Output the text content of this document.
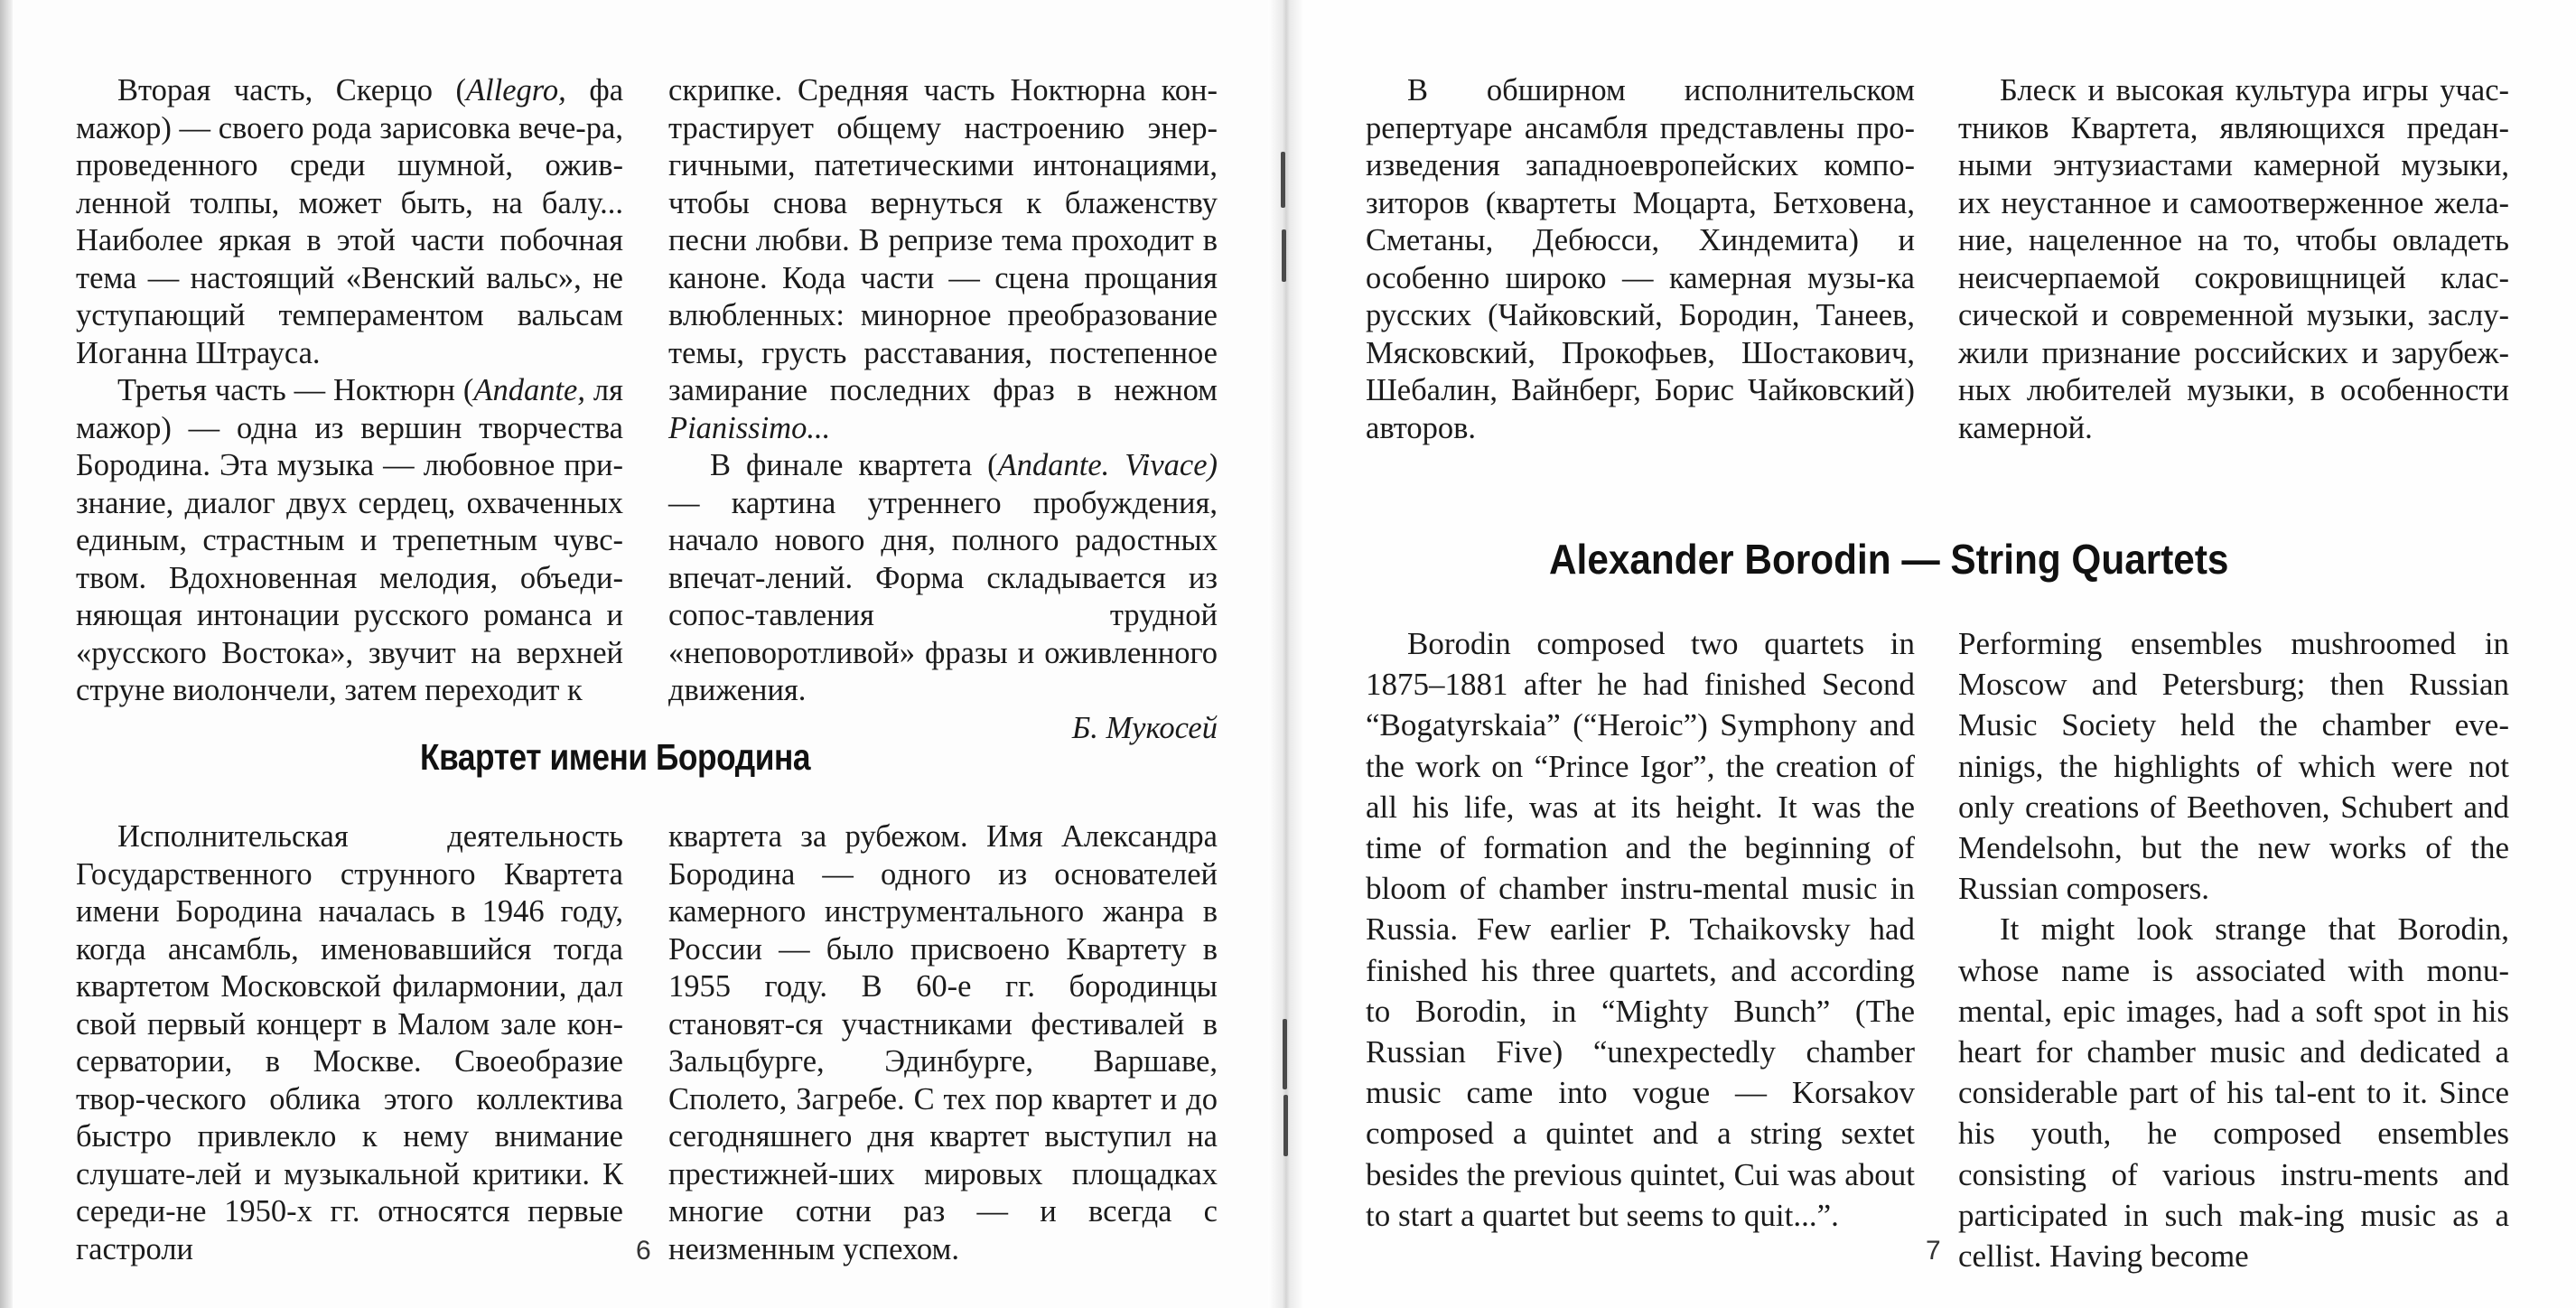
Вторая часть, Скерцо (Allegro, фа мажор) — своего рода зарисовка вече-ра, проведенного среди шумной, ожив-ленной толпы, может быть, на балу... Наиболее яркая в этой части побочная тема — настоящий «Венский вальс», не уступающий темпераментом вальсам Иоганна Штрауса.

Третья часть — Ноктюрн (Andante, ля мажор) — одна из вершин творчества Бородина. Эта музыка — любовное при-знание, диалог двух сердец, охваченных единым, страстным и трепетным чувс-твом. Вдохновенная мелодия, объеди-няющая интонации русского романса и «русского Востока», звучит на верхней струне виолончели, затем переходит к

скрипке. Средняя часть Ноктюрна кон-трастирует общему настроению энер-гичными, патетическими интонациями, чтобы снова вернуться к блаженству песни любви. В репризе тема проходит в каноне. Кода части — сцена прощания влюбленных: минорное преобразование темы, грусть расставания, постепенное замирание последних фраз в нежном Pianissimo...

В финале квартета (Andante. Vivace) — картина утреннего пробуждения, начало нового дня, полного радостных впечат-лений. Форма складывается из сопос-тавления трудной «неповоротливой» фразы и оживленного движения.

Б. Мукосей

Квартет имени Бородина

Исполнительская деятельность Государственного струнного Квартета имени Бородина началась в 1946 году, когда ансамбль, именовавшийся тогда квартетом Московской филармонии, дал свой первый концерт в Малом зале кон-серватории, в Москве. Своеобразие твор-ческого облика этого коллектива быстро привлекло к нему внимание слушате-лей и музыкальной критики. К середи-не 1950-х гг. относятся первые гастроли

квартета за рубежом. Имя Александра Бородина — одного из основателей камерного инструментального жанра в России — было присвоено Квартету в 1955 году. В 60-е гг. бородинцы становят-ся участниками фестивалей в Зальцбурге, Эдинбурге, Варшаве, Сполето, Загребе. С тех пор квартет и до сегодняшнего дня квартет выступил на престижней-ших мировых площадках многие сотни раз — и всегда с неизменным успехом.

6

В обширном исполнительском репертуаре ансамбля представлены про-изведения западноевропейских компо-зиторов (квартеты Моцарта, Бетховена, Сметаны, Дебюсси, Хиндемита) и особенно широко — камерная музы-ка русских (Чайковский, Бородин, Танеев, Мясковский, Прокофьев, Шостакович, Шебалин, Вайнберг, Борис Чайковский) авторов.

Блеск и высокая культура игры учас-тников Квартета, являющихся предан-ными энтузиастами камерной музыки, их неустанное и самоотверженное жела-ние, нацеленное на то, чтобы овладеть неисчерпаемой сокровищницей клас-сической и современной музыки, заслу-жили признание российских и зарубеж-ных любителей музыки, в особенности камерной.

Alexander Borodin — String Quartets

Borodin composed two quartets in 1875–1881 after he had finished Second “Bogatyrskaia” (“Heroic”) Symphony and the work on “Prince Igor”, the creation of all his life, was at its height. It was the time of formation and the beginning of bloom of chamber instru-mental music in Russia. Few earlier P. Tchaikovsky had finished his three quartets, and according to Borodin, in “Mighty Bunch” (The Russian Five) “unexpectedly chamber music came into vogue — Korsakov composed a quintet and a string sextet besides the previous quintet, Cui was about to start a quartet but seems to quit...”.

Performing ensembles mushroomed in Moscow and Petersburg; then Russian Music Society held the chamber eve-ninigs, the highlights of which were not only creations of Beethoven, Schubert and Mendelsohn, but the new works of the Russian composers.

It might look strange that Borodin, whose name is associated with monu-mental, epic images, had a soft spot in his heart for chamber music and dedicated a considerable part of his tal-ent to it. Since his youth, he composed ensembles consisting of various instru-ments and participated in such mak-ing music as a cellist. Having become

7
